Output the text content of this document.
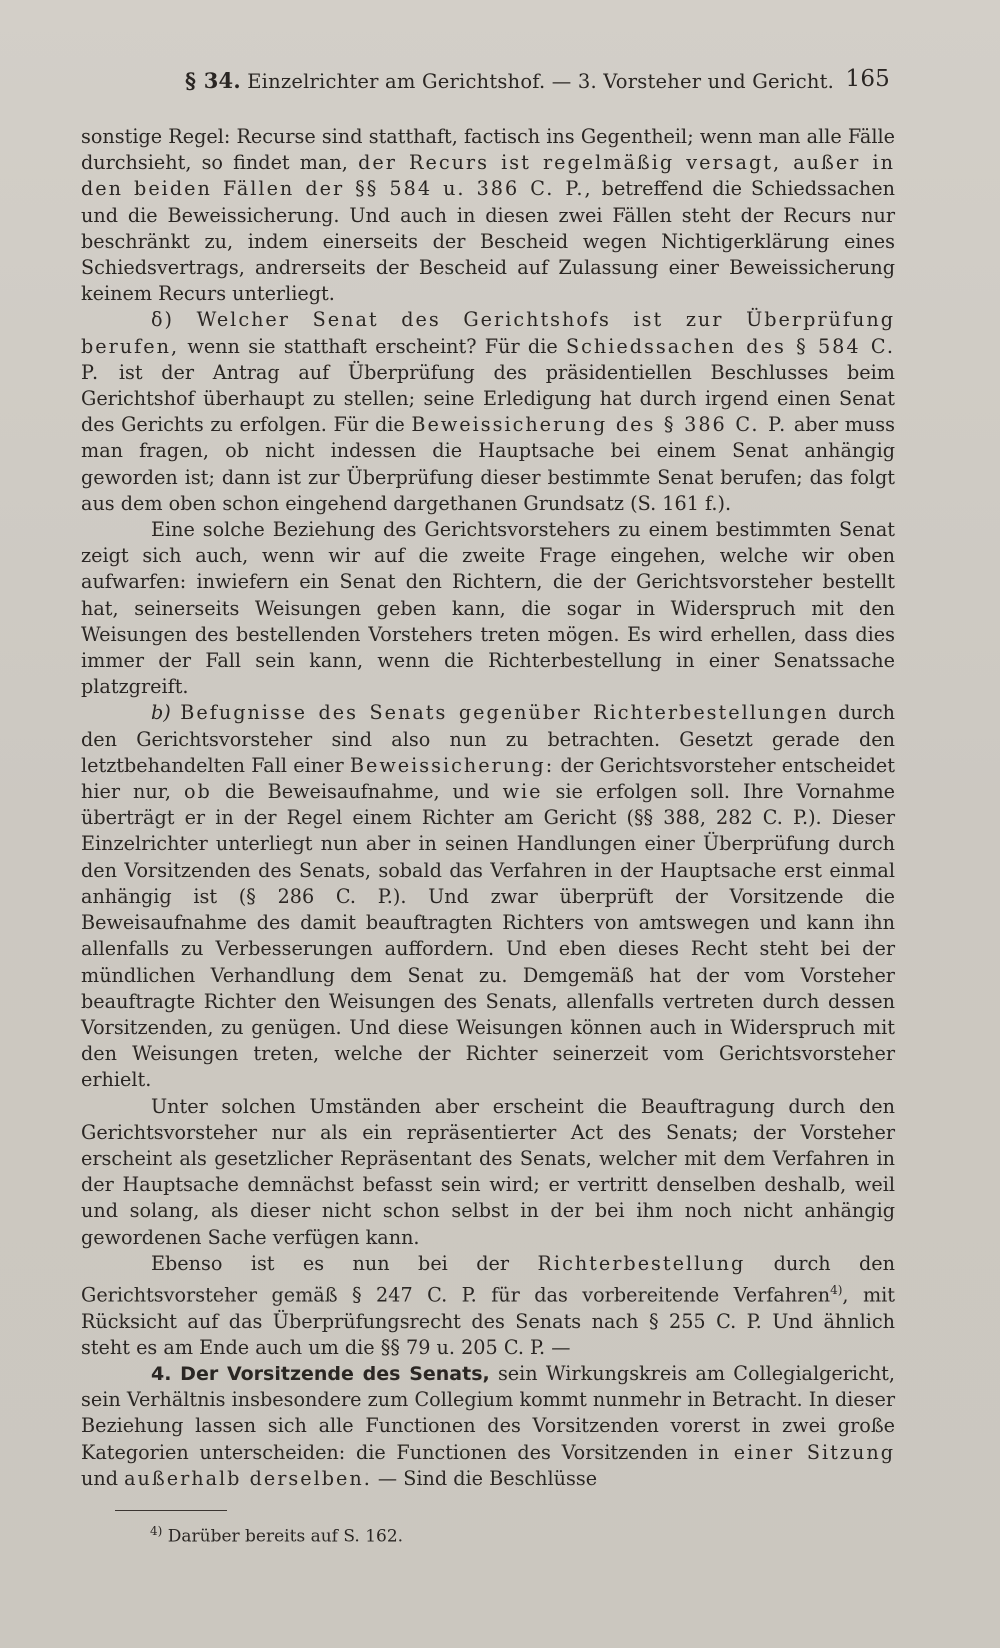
§ 34. Einzelrichter am Gerichtshof. — 3. Vorsteher und Gericht. 165

sonstige Regel: Recurse sind statthaft, factisch ins Gegentheil; wenn man alle Fälle durchsieht, so findet man, der Recurs ist regelmäßig versagt, außer in den beiden Fällen der §§ 584 u. 386 C. P., betreffend die Schiedssachen und die Beweissicherung. Und auch in diesen zwei Fällen steht der Recurs nur beschränkt zu, indem einerseits der Bescheid wegen Nichtigerklärung eines Schiedsvertrags, andrerseits der Bescheid auf Zulassung einer Beweissicherung keinem Recurs unterliegt.

δ) Welcher Senat des Gerichtshofs ist zur Überprüfung berufen, wenn sie statthaft erscheint? Für die Schiedssachen des § 584 C. P. ist der Antrag auf Überprüfung des präsidentiellen Beschlusses beim Gerichtshof überhaupt zu stellen; seine Erledigung hat durch irgend einen Senat des Gerichts zu erfolgen. Für die Beweissicherung des § 386 C. P. aber muss man fragen, ob nicht indessen die Hauptsache bei einem Senat anhängig geworden ist; dann ist zur Überprüfung dieser bestimmte Senat berufen; das folgt aus dem oben schon eingehend dargethanen Grundsatz (S. 161 f.).

Eine solche Beziehung des Gerichtsvorstehers zu einem bestimmten Senat zeigt sich auch, wenn wir auf die zweite Frage eingehen, welche wir oben aufwarfen: inwiefern ein Senat den Richtern, die der Gerichtsvorsteher bestellt hat, seinerseits Weisungen geben kann, die sogar in Widerspruch mit den Weisungen des bestellenden Vorstehers treten mögen. Es wird erhellen, dass dies immer der Fall sein kann, wenn die Richterbestellung in einer Senatssache platzgreift.

b) Befugnisse des Senats gegenüber Richterbestellungen durch den Gerichtsvorsteher sind also nun zu betrachten. Gesetzt gerade den letztbehandelten Fall einer Beweissicherung: der Gerichtsvorsteher entscheidet hier nur, ob die Beweisaufnahme, und wie sie erfolgen soll. Ihre Vornahme überträgt er in der Regel einem Richter am Gericht (§§ 388, 282 C. P.). Dieser Einzelrichter unterliegt nun aber in seinen Handlungen einer Überprüfung durch den Vorsitzenden des Senats, sobald das Verfahren in der Hauptsache erst einmal anhängig ist (§ 286 C. P.). Und zwar überprüft der Vorsitzende die Beweisaufnahme des damit beauftragten Richters von amtswegen und kann ihn allenfalls zu Verbesserungen auffordern. Und eben dieses Recht steht bei der mündlichen Verhandlung dem Senat zu. Demgemäß hat der vom Vorsteher beauftragte Richter den Weisungen des Senats, allenfalls vertreten durch dessen Vorsitzenden, zu genügen. Und diese Weisungen können auch in Widerspruch mit den Weisungen treten, welche der Richter seinerzeit vom Gerichtsvorsteher erhielt.

Unter solchen Umständen aber erscheint die Beauftragung durch den Gerichtsvorsteher nur als ein repräsentierter Act des Senats; der Vorsteher erscheint als gesetzlicher Repräsentant des Senats, welcher mit dem Verfahren in der Hauptsache demnächst befasst sein wird; er vertritt denselben deshalb, weil und solang, als dieser nicht schon selbst in der bei ihm noch nicht anhängig gewordenen Sache verfügen kann.

Ebenso ist es nun bei der Richterbestellung durch den Gerichtsvorsteher gemäß § 247 C. P. für das vorbereitende Verfahren$^{4)}$, mit Rücksicht auf das Überprüfungsrecht des Senats nach § 255 C. P. Und ähnlich steht es am Ende auch um die §§ 79 u. 205 C. P. —

4. Der Vorsitzende des Senats, sein Wirkungskreis am Collegialgericht, sein Verhältnis insbesondere zum Collegium kommt nunmehr in Betracht. In dieser Beziehung lassen sich alle Functionen des Vorsitzenden vorerst in zwei große Kategorien unterscheiden: die Functionen des Vorsitzenden in einer Sitzung und außerhalb derselben. — Sind die Beschlüsse

$^{4)}$ Darüber bereits auf S. 162.
